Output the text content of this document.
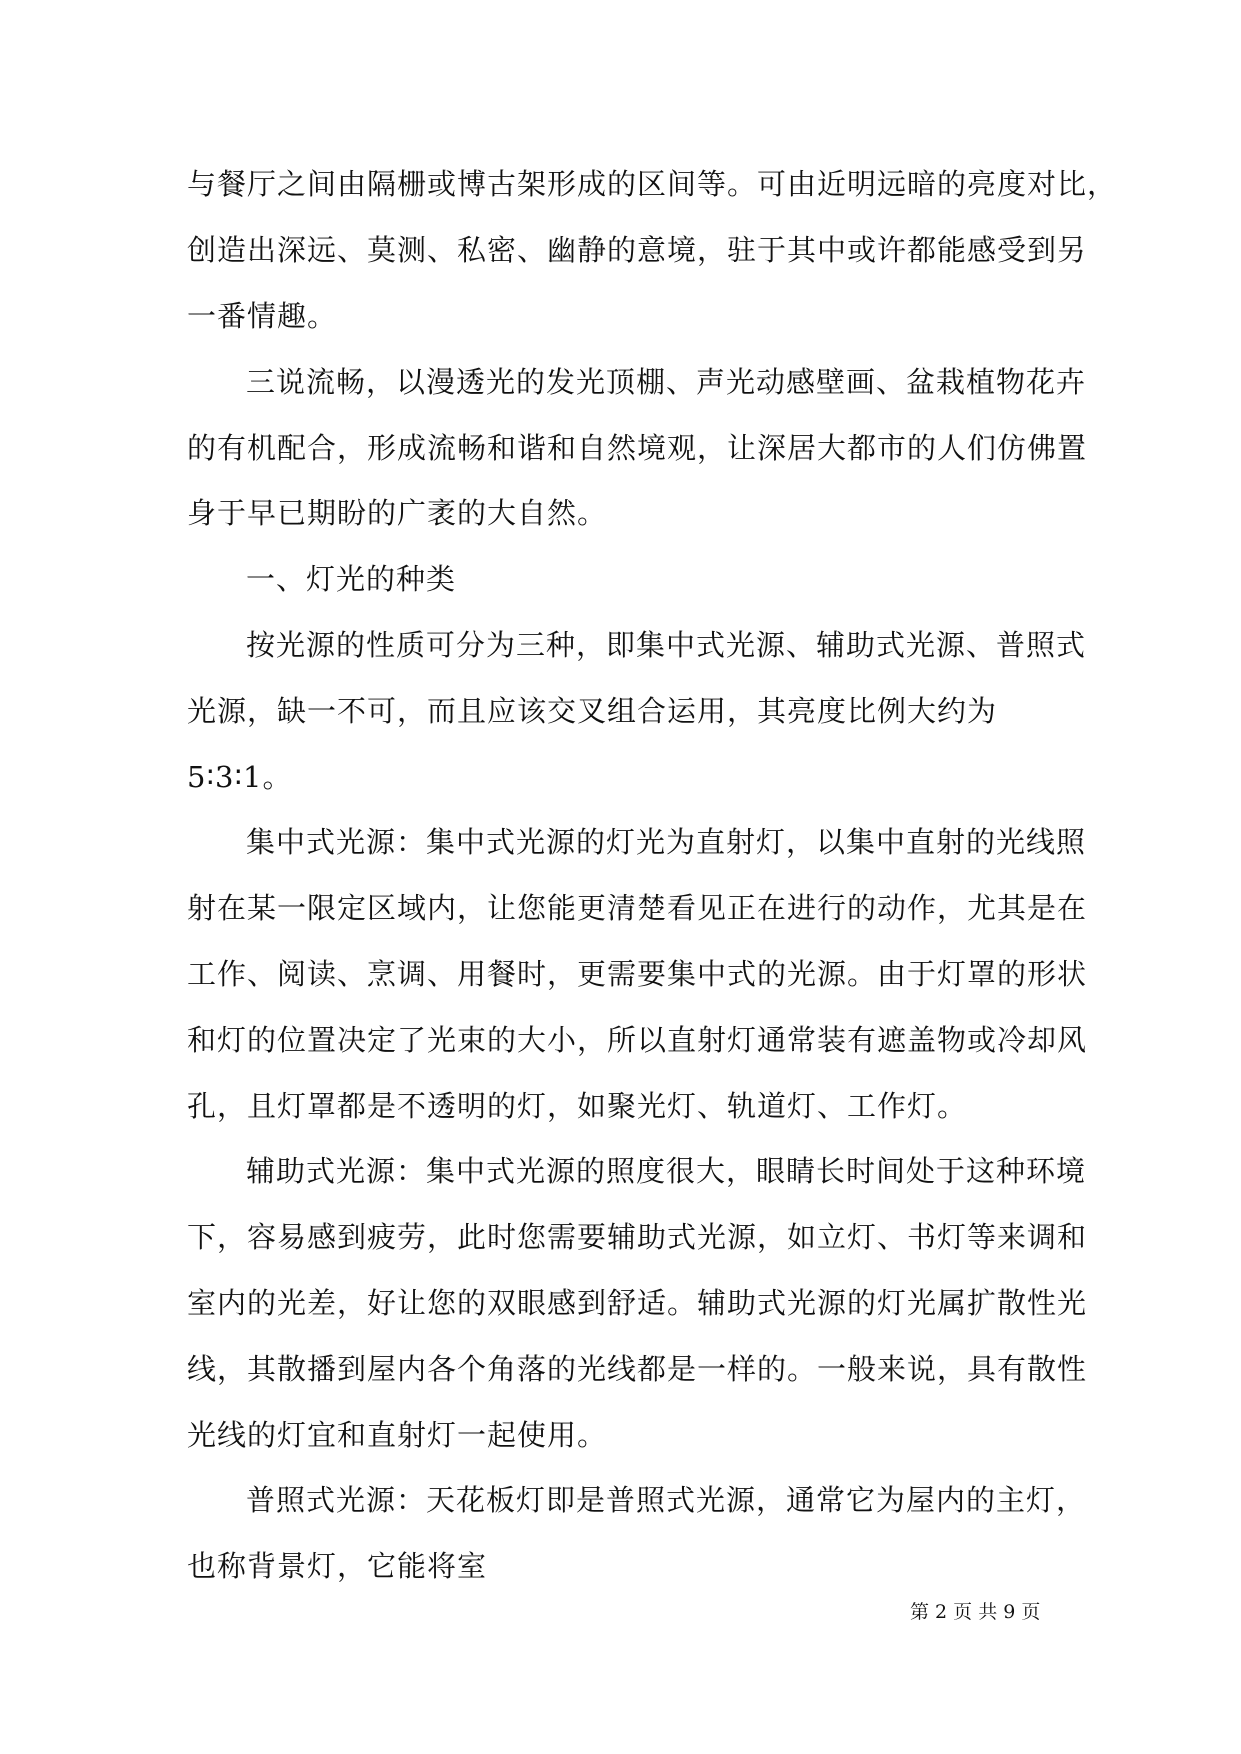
与餐厅之间由隔栅或博古架形成的区间等。可由近明远暗的亮度对比，
创造出深远、莫测、私密、幽静的意境，驻于其中或许都能感受到另
一番情趣。
三说流畅，以漫透光的发光顶棚、声光动感壁画、盆栽植物花卉
的有机配合，形成流畅和谐和自然境观，让深居大都市的人们仿佛置
身于早已期盼的广袤的大自然。
一、灯光的种类
按光源的性质可分为三种，即集中式光源、辅助式光源、普照式
光源，缺一不可，而且应该交叉组合运用，其亮度比例大约为
5∶3∶1。
集中式光源：集中式光源的灯光为直射灯，以集中直射的光线照
射在某一限定区域内，让您能更清楚看见正在进行的动作，尤其是在
工作、阅读、烹调、用餐时，更需要集中式的光源。由于灯罩的形状
和灯的位置决定了光束的大小，所以直射灯通常装有遮盖物或冷却风
孔，且灯罩都是不透明的灯，如聚光灯、轨道灯、工作灯。
辅助式光源：集中式光源的照度很大，眼睛长时间处于这种环境
下，容易感到疲劳，此时您需要辅助式光源，如立灯、书灯等来调和
室内的光差，好让您的双眼感到舒适。辅助式光源的灯光属扩散性光
线，其散播到屋内各个角落的光线都是一样的。一般来说，具有散性
光线的灯宜和直射灯一起使用。
普照式光源：天花板灯即是普照式光源，通常它为屋内的主灯，
也称背景灯，它能将室
第 2 页 共 9 页
